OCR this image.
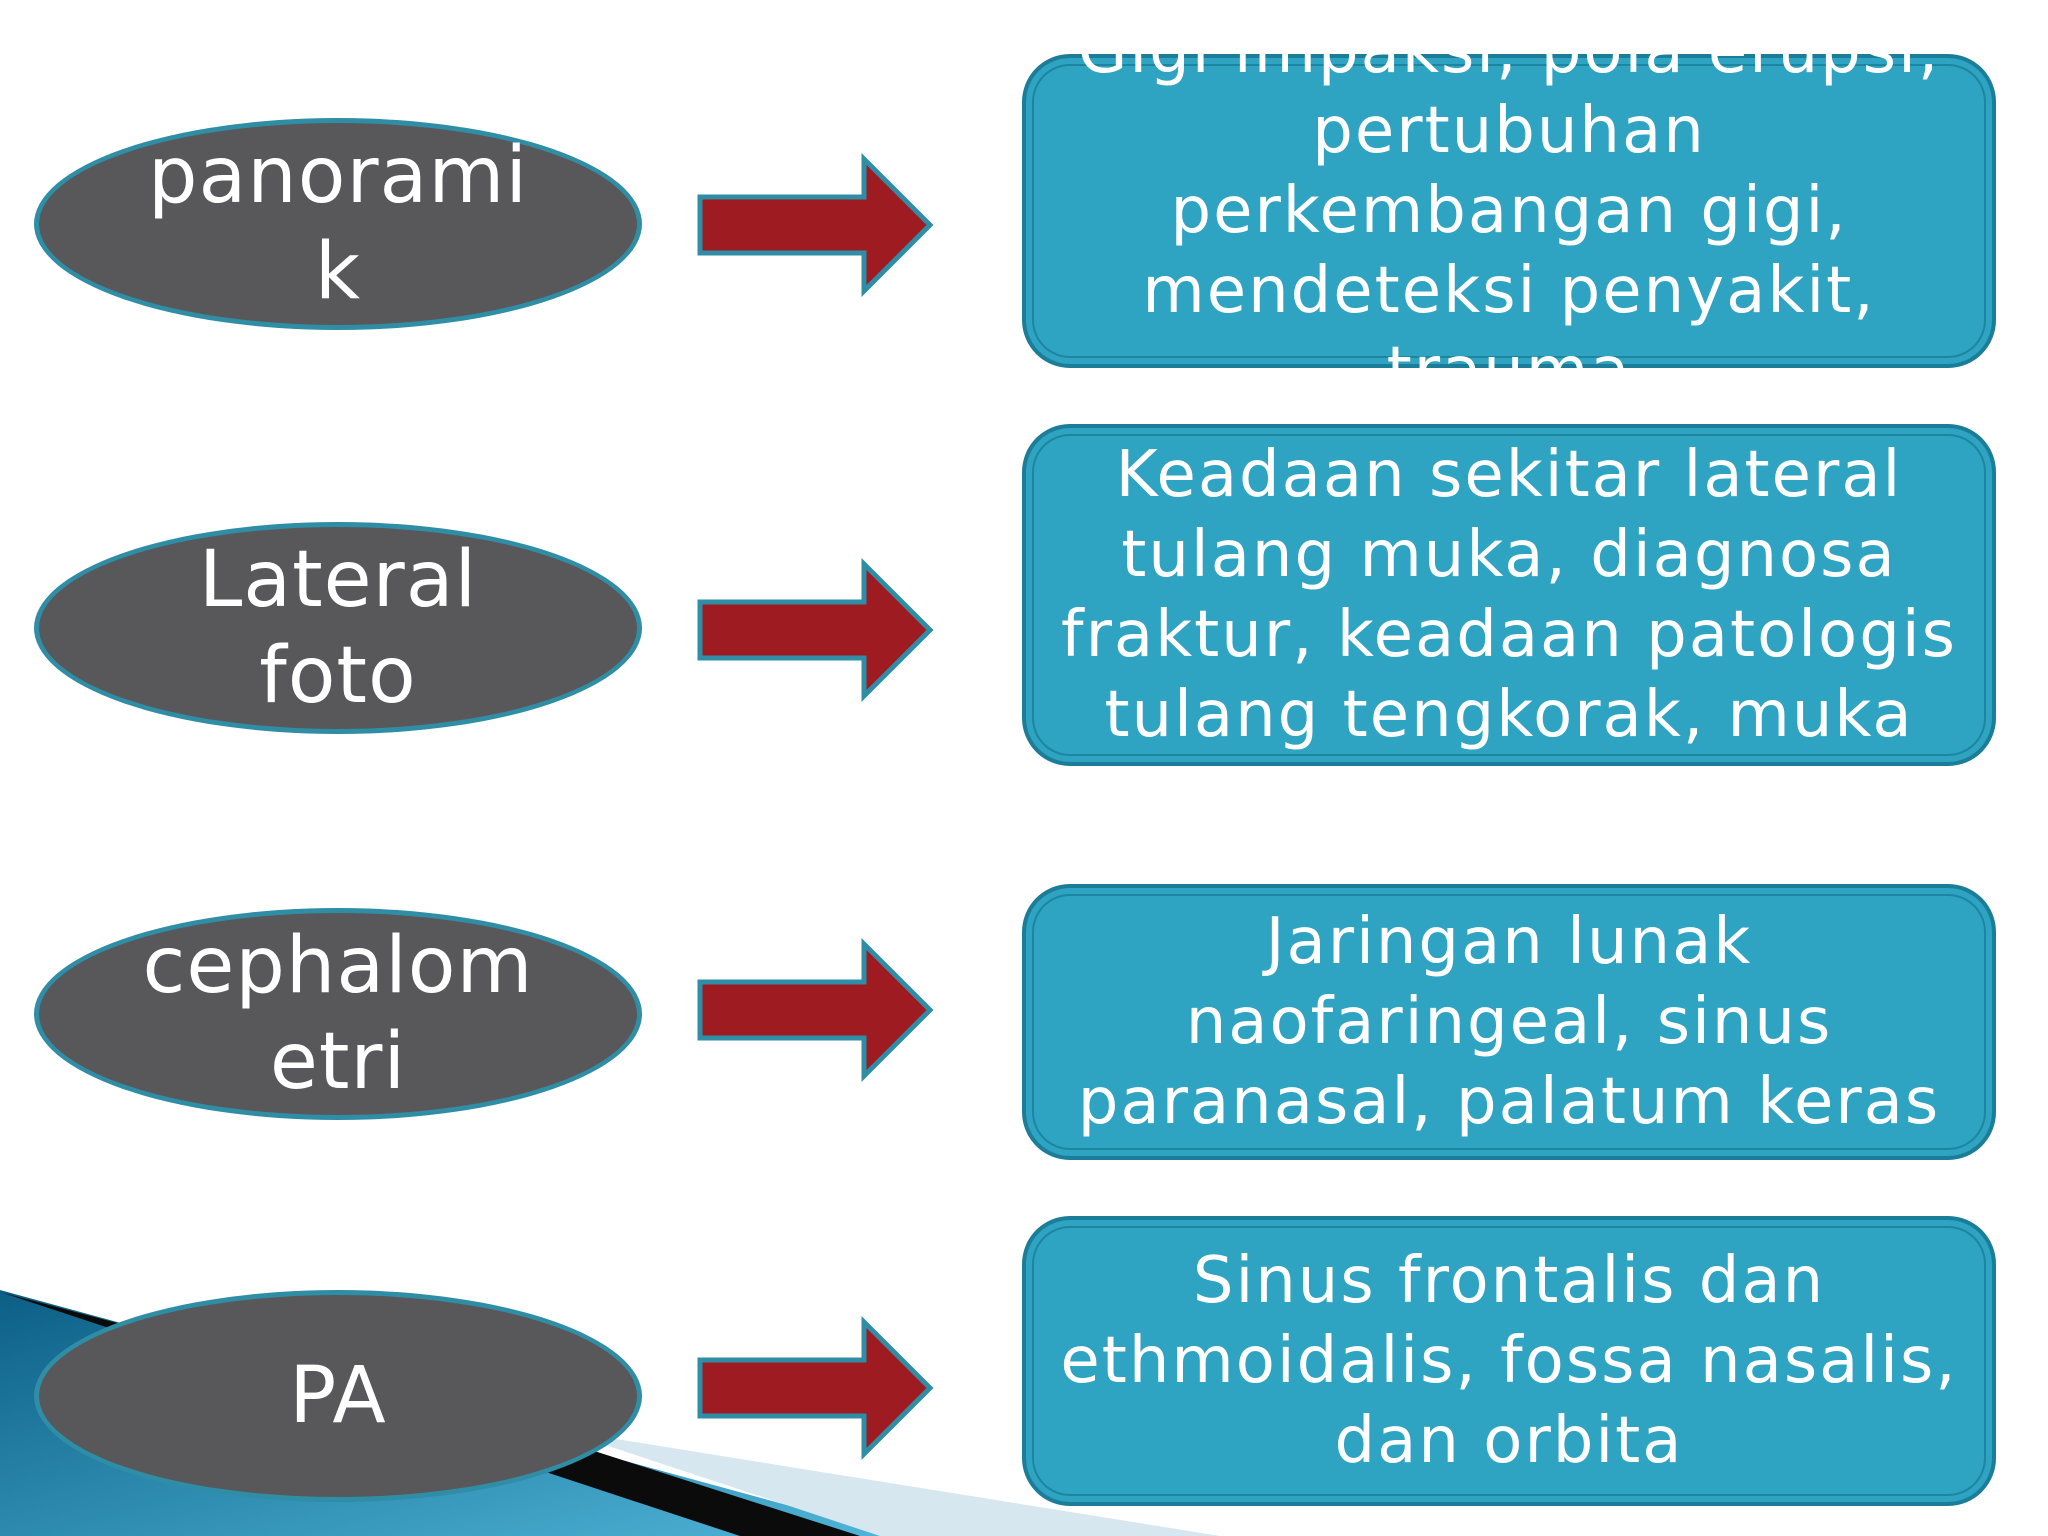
panorami k
Gigi impaksi, pola erupsi, pertubuhan perkembangan gigi, mendeteksi penyakit, trauma
Lateral foto
Keadaan sekitar lateral tulang muka, diagnosa fraktur, keadaan patologis tulang tengkorak, muka
cephalom etri
Jaringan lunak naofaringeal, sinus paranasal, palatum keras
PA
Sinus frontalis dan ethmoidalis, fossa nasalis, dan orbita
